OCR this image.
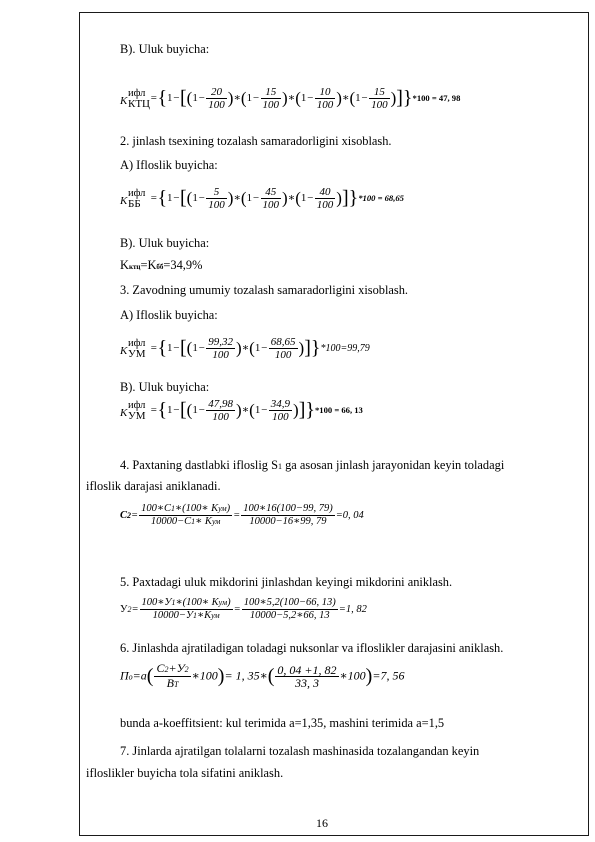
B). Uluk buyicha:
K
ифл
КТЦ $=\{1-[(1- \frac{20}{100}$ )∗(1− $\frac{15}{100}$ )∗(1− $\frac{10}{100}$ )∗(1− $\frac{15}{100} )]\}*100 = 47$, 98
2. jinlash tsexining tozalash samaradorligini xisoblash.
A) Ifloslik buyicha:
K
ифл
ББ $=\{1-[(1- \frac{5}{100}$ )∗(1− $\frac{45}{100}$ )∗(1− $\frac{40}{100} )]\}*100 = 68,65$
B). Uluk buyicha:
Kктц=Kбб=34,9%
3. Zavodning umumiy tozalash samaradorligini xisoblash.
A) Ifloslik buyicha:
K
ифл
УМ $=\{1-[(1- \frac{99,32}{100}$ )∗(1− $\frac{68,65}{100} )]\}*100=99,79$
B). Uluk buyicha:
K
ифл
УМ $=\{1-[(1- \frac{47,98}{100}$ )∗(1− $\frac{34,9}{100} )]\}*100 = 66$, 13
4. Paxtaning dastlabki ifloslig S1 ga asosan jinlash jarayonidan keyin toladagi
ifloslik darajasi aniklanadi.
$C2= \frac{\text{100∗C1∗(100∗ Kум)}}{\text{10000−C1∗ Kум}} = \frac{100∗16(100-99, 79)}{10000-16∗99, 79} =0$, 04
5. Paxtadagi uluk mikdorini jinlashdan keyingi mikdorini aniklash.
$У2= \frac{\text{100∗У1∗(100∗ Kум)}}{\text{10000−У1∗Kум}} = \frac{100∗5,2(100-66, 13)}{10000-5,2∗66, 13} =1$, 82
6. Jinlashda ajratiladigan toladagi nuksonlar va ifloslikler darajasini aniklash.
$Пo=a( \frac{C2+У2}{BT}$ ∗100)= 1, 35∗( $\frac{0, 04 +1, 82}{33, 3}$ ∗100)=7, 56
bunda a-koeffitsient: kul terimida a=1,35, mashini terimida a=1,5
7. Jinlarda ajratilgan tolalarni tozalash mashinasida tozalangandan keyin
ifloslikler buyicha tola sifatini aniklash.
16
